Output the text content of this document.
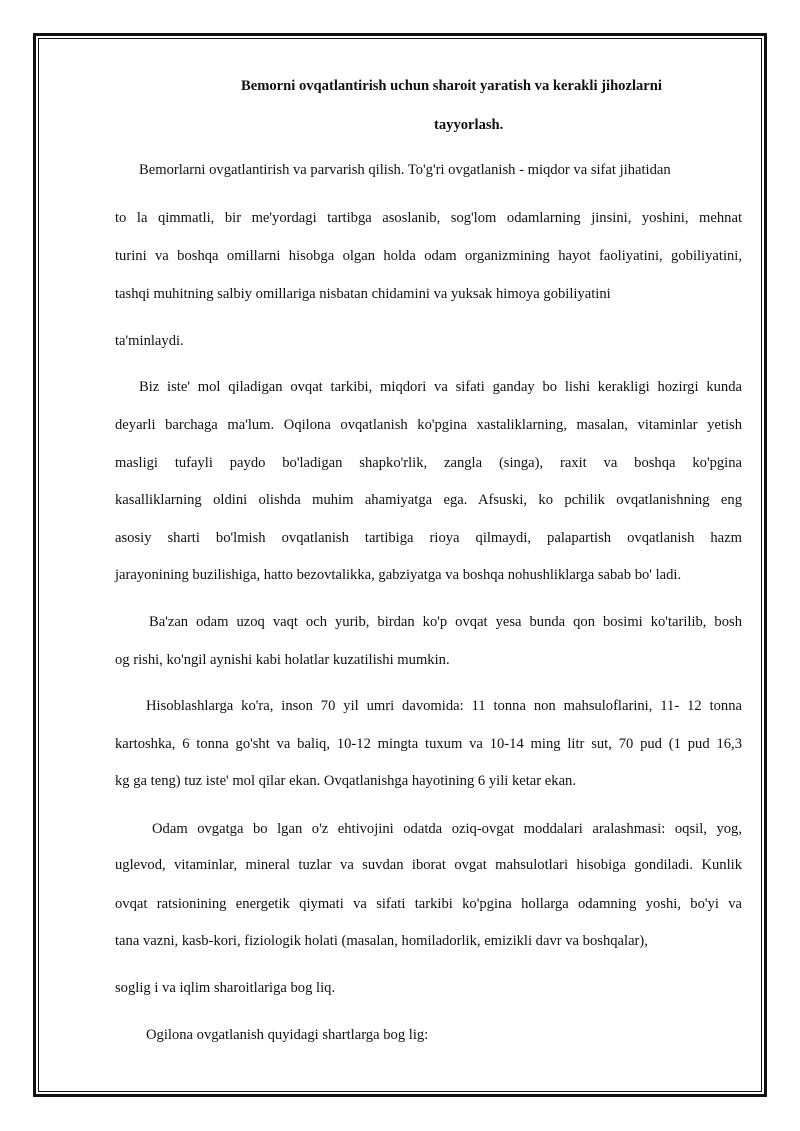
Bemorni ovqatlantirish uchun sharoit yaratish va kerakli jihozlarni

tayyorlash.

Bemorlarni ovgatlantirish va parvarish qilish. To'g'ri ovgatlanish - miqdor va sifat jihatidan

to la qimmatli, bir me'yordagi tartibga asoslanib, sog'lom odamlarning jinsini, yoshini, mehnat

turini va boshqa omillarni hisobga olgan holda odam organizmining hayot faoliyatini, gobiliyatini,

tashqi muhitning salbiy omillariga nisbatan chidamini va yuksak himoya gobiliyatini

ta'minlaydi.

Biz iste' mol qiladigan ovqat tarkibi, miqdori va sifati ganday bo lishi kerakligi hozirgi kunda

deyarli barchaga ma'lum. Oqilona ovqatlanish ko'pgina xastaliklarning, masalan, vitaminlar yetish

masligi tufayli paydo bo'ladigan shapko'rlik, zangla (singa), raxit va boshqa ko'pgina

kasalliklarning oldini olishda muhim ahamiyatga ega. Afsuski, ko pchilik ovqatlanishning eng

asosiy sharti bo'lmish ovqatlanish tartibiga rioya qilmaydi, palapartish ovqatlanish hazm

jarayonining buzilishiga, hatto bezovtalikka, gabziyatga va boshqa nohushliklarga sabab bo' ladi.

Ba'zan odam uzoq vaqt och yurib, birdan ko'p ovqat yesa bunda qon bosimi ko'tarilib, bosh

og rishi, ko'ngil aynishi kabi holatlar kuzatilishi mumkin.

Hisoblashlarga ko'ra, inson 70 yil umri davomida: 11 tonna non mahsuloflarini, 11- 12 tonna

kartoshka, 6 tonna go'sht va baliq, 10-12 mingta tuxum va 10-14 ming litr sut, 70 pud (1 pud 16,3

kg ga teng) tuz iste' mol qilar ekan. Ovqatlanishga hayotining 6 yili ketar ekan.

Odam ovgatga bo lgan o'z ehtivojini odatda oziq-ovgat moddalari aralashmasi: oqsil, yog,

uglevod, vitaminlar, mineral tuzlar va suvdan iborat ovgat mahsulotlari hisobiga gondiladi. Kunlik

ovqat ratsionining energetik qiymati va sifati tarkibi ko'pgina hollarga odamning yoshi, bo'yi va

tana vazni, kasb-kori, fiziologik holati (masalan, homiladorlik, emizikli davr va boshqalar),

soglig i va iqlim sharoitlariga bog liq.

Ogilona ovgatlanish quyidagi shartlarga bog lig:
